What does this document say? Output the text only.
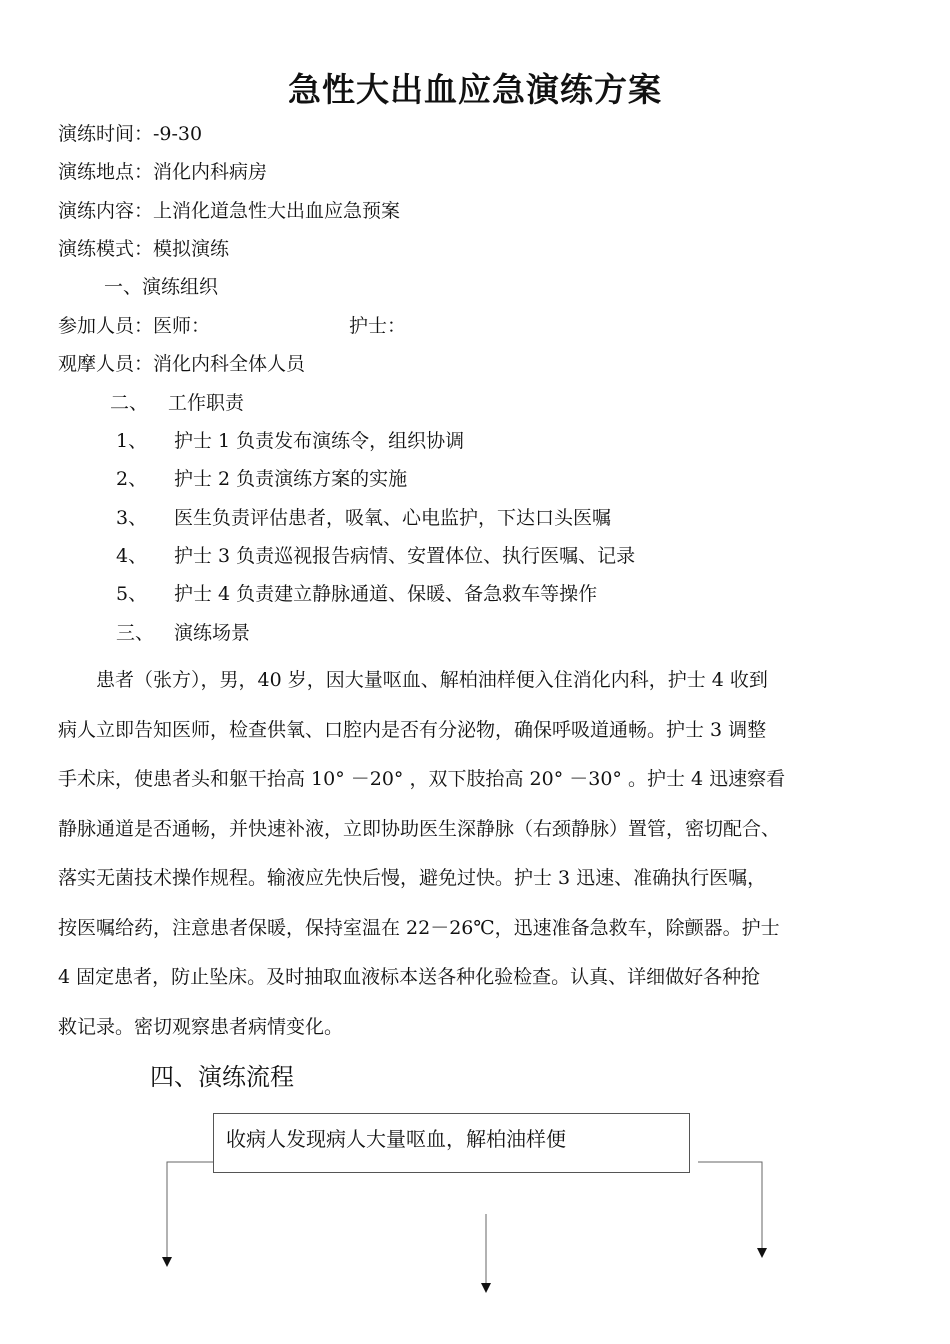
急性大出血应急演练方案
演练时间：-9-30
演练地点：消化内科病房
演练内容：上消化道急性大出血应急预案
演练模式：模拟演练
一、演练组织
参加人员：医师：	护士：
观摩人员：消化内科全体人员
二、 工作职责
1、 护士 1 负责发布演练令，组织协调
2、 护士 2 负责演练方案的实施
3、 医生负责评估患者，吸氧、心电监护，下达口头医嘱
4、 护士 3 负责巡视报告病情、安置体位、执行医嘱、记录
5、 护士 4 负责建立静脉通道、保暖、备急救车等操作
三、 演练场景
　　患者（张方），男，40 岁，因大量呕血、解柏油样便入住消化内科，护士 4 收到
病人立即告知医师，检查供氧、口腔内是否有分泌物，确保呼吸道通畅。护士 3 调整
手术床，使患者头和躯干抬高 10° －20° ，双下肢抬高 20° －30° 。护士 4 迅速察看
静脉通道是否通畅，并快速补液，立即协助医生深静脉（右颈静脉）置管，密切配合、
落实无菌技术操作规程。输液应先快后慢，避免过快。护士 3 迅速、准确执行医嘱，
按医嘱给药，注意患者保暖，保持室温在 22－26℃，迅速准备急救车，除颤器。护士
4 固定患者，防止坠床。及时抽取血液标本送各种化验检查。认真、详细做好各种抢
救记录。密切观察患者病情变化。
四、演练流程
收病人发现病人大量呕血，解柏油样便
